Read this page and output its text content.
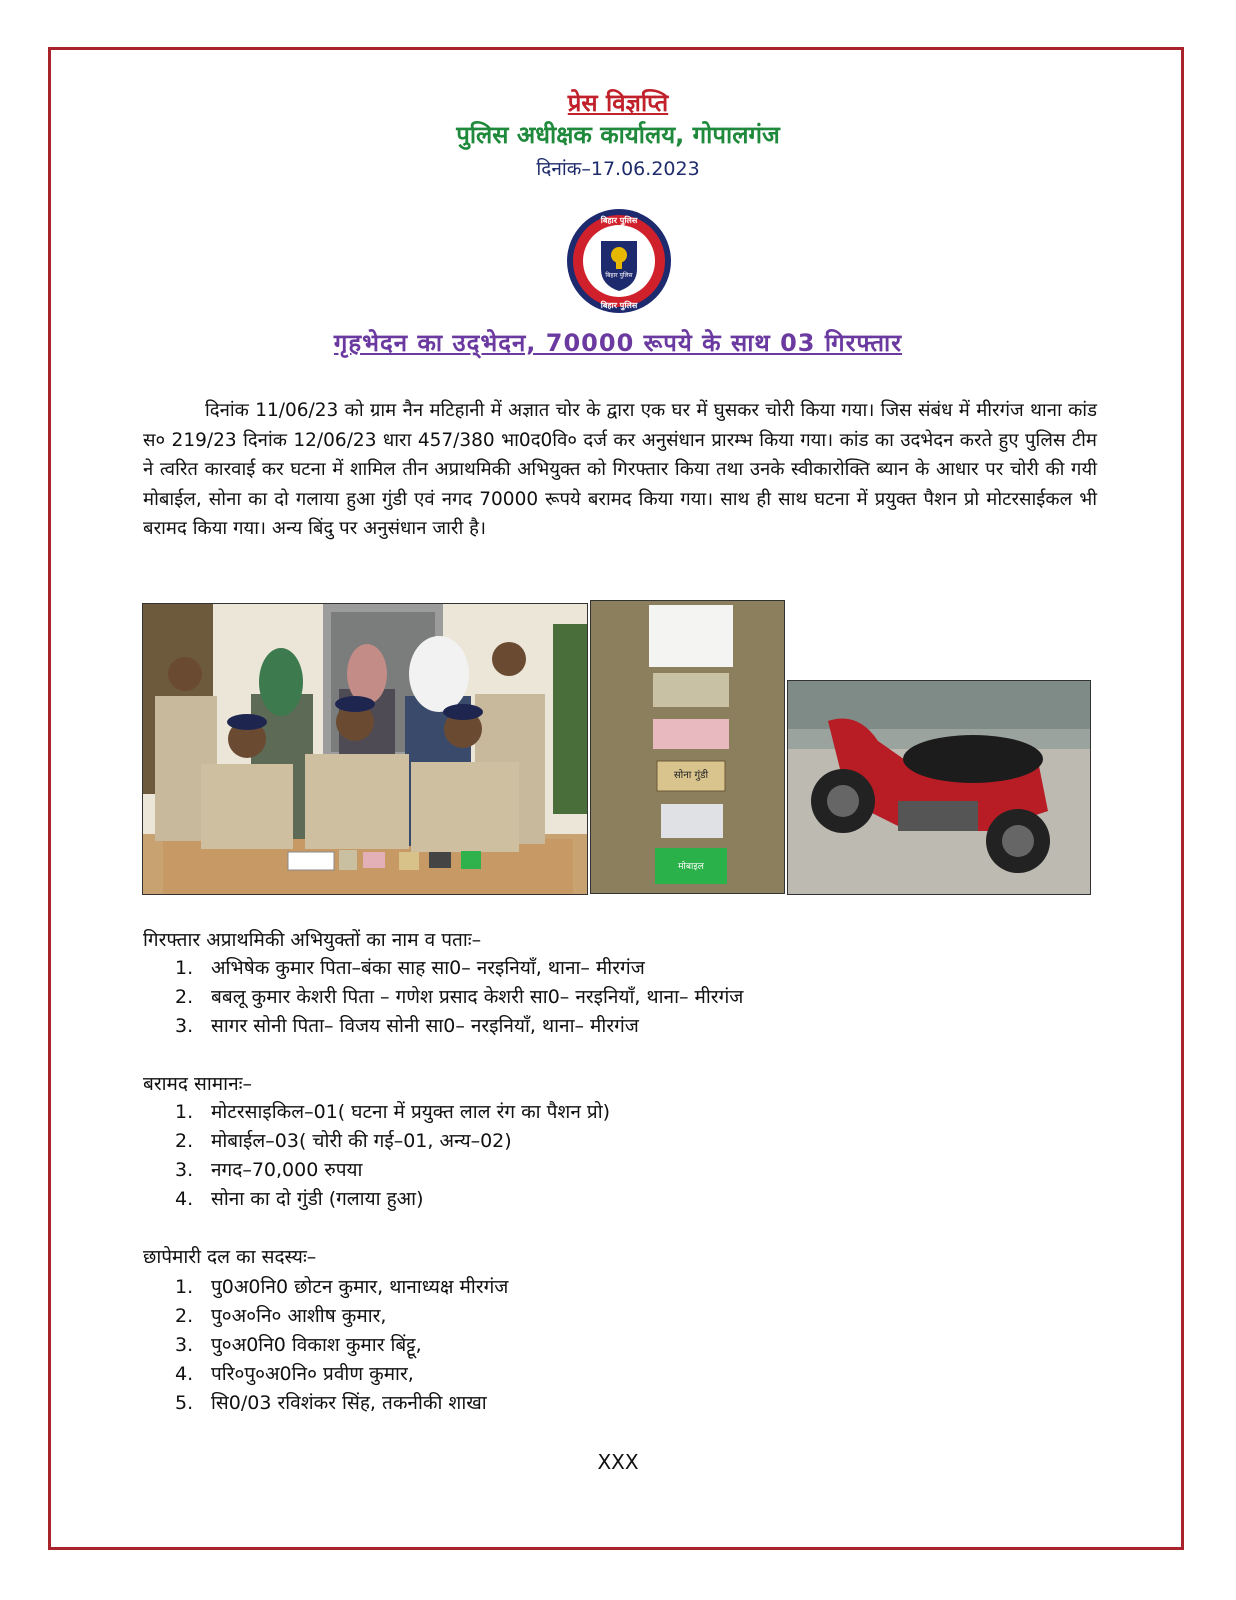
प्रेस विज्ञप्ति
पुलिस अधीक्षक कार्यालय, गोपालगंज
दिनांक–17.06.2023
बिहार पुलिस
बिहार पुलिस
बिहार पुलिस
गृहभेदन का उद्‌भेदन, 70000 रूपये के साथ 03 गिरफ्तार
दिनांक 11/06/23 को ग्राम नैन मटिहानी में अज्ञात चोर के द्वारा एक घर में घुसकर चोरी किया गया। जिस संबंध में मीरगंज थाना कांड स० 219/23 दिनांक 12/06/23 धारा 457/380 भा0द0वि० दर्ज कर अनुसंधान प्रारम्भ किया गया। कांड का उदभेदन करते हुए पुलिस टीम ने त्वरित कारवाई कर घटना में शामिल तीन अप्राथमिकी अभियुक्त को गिरफ्तार किया तथा उनके स्वीकारोक्ति ब्यान के आधार पर चोरी की गयी मोबाईल, सोना का दो गलाया हुआ गुंडी एवं नगद 70000 रूपये बरामद किया गया। साथ ही साथ घटना में प्रयुक्त पैशन प्रो मोटरसाईकल भी बरामद किया गया। अन्य बिंदु पर अनुसंधान जारी है।
सोना गुंडी
मोबाइल
गिरफ्तार अप्राथमिकी अभियुक्तों का नाम व पताः–
1. अभिषेक कुमार पिता–बंका साह सा0– नरइनियाँ, थाना– मीरगंज
2. बबलू कुमार केशरी पिता – गणेश प्रसाद केशरी सा0– नरइनियाँ, थाना– मीरगंज
3. सागर सोनी पिता– विजय सोनी सा0– नरइनियाँ, थाना– मीरगंज
बरामद सामानः–
1. मोटरसाइकिल–01( घटना में प्रयुक्त लाल रंग का पैशन प्रो)
2. मोबाईल–03( चोरी की गई–01, अन्य–02)
3. नगद–70,000 रुपया
4. सोना का दो गुंडी (गलाया हुआ)
छापेमारी दल का सदस्यः–
1. पु0अ0नि0 छोटन कुमार, थानाध्यक्ष मीरगंज
2. पु०अ०नि० आशीष कुमार,
3. पु०अ0नि0 विकाश कुमार बिंट्टू,
4. परि०पु०अ0नि० प्रवीण कुमार,
5. सि0/03 रविशंकर सिंह, तकनीकी शाखा
XXX
